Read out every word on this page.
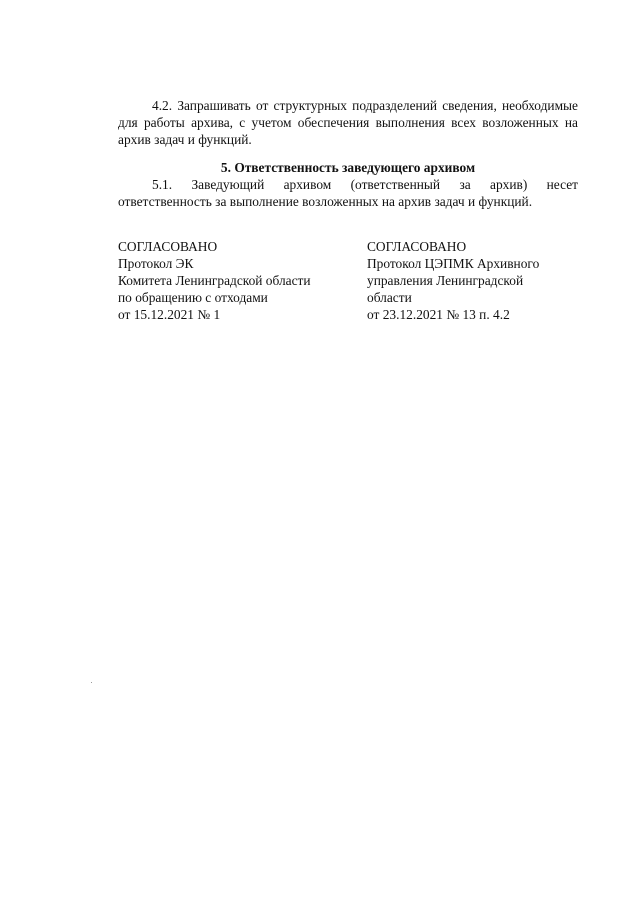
4.2. Запрашивать от структурных подразделений сведения, необходимые для работы архива, с учетом обеспечения выполнения всех возложенных на архив задач и функций.

5. Ответственность заведующего архивом

5.1. Заведующий архивом (ответственный за архив) несет ответственность за выполнение возложенных на архив задач и функций.

СОГЛАСОВАНО
Протокол ЭК
Комитета Ленинградской области
по обращению с отходами
от 15.12.2021 № 1
СОГЛАСОВАНО
Протокол ЦЭПМК Архивного
управления Ленинградской
области
от 23.12.2021 № 13 п. 4.2
